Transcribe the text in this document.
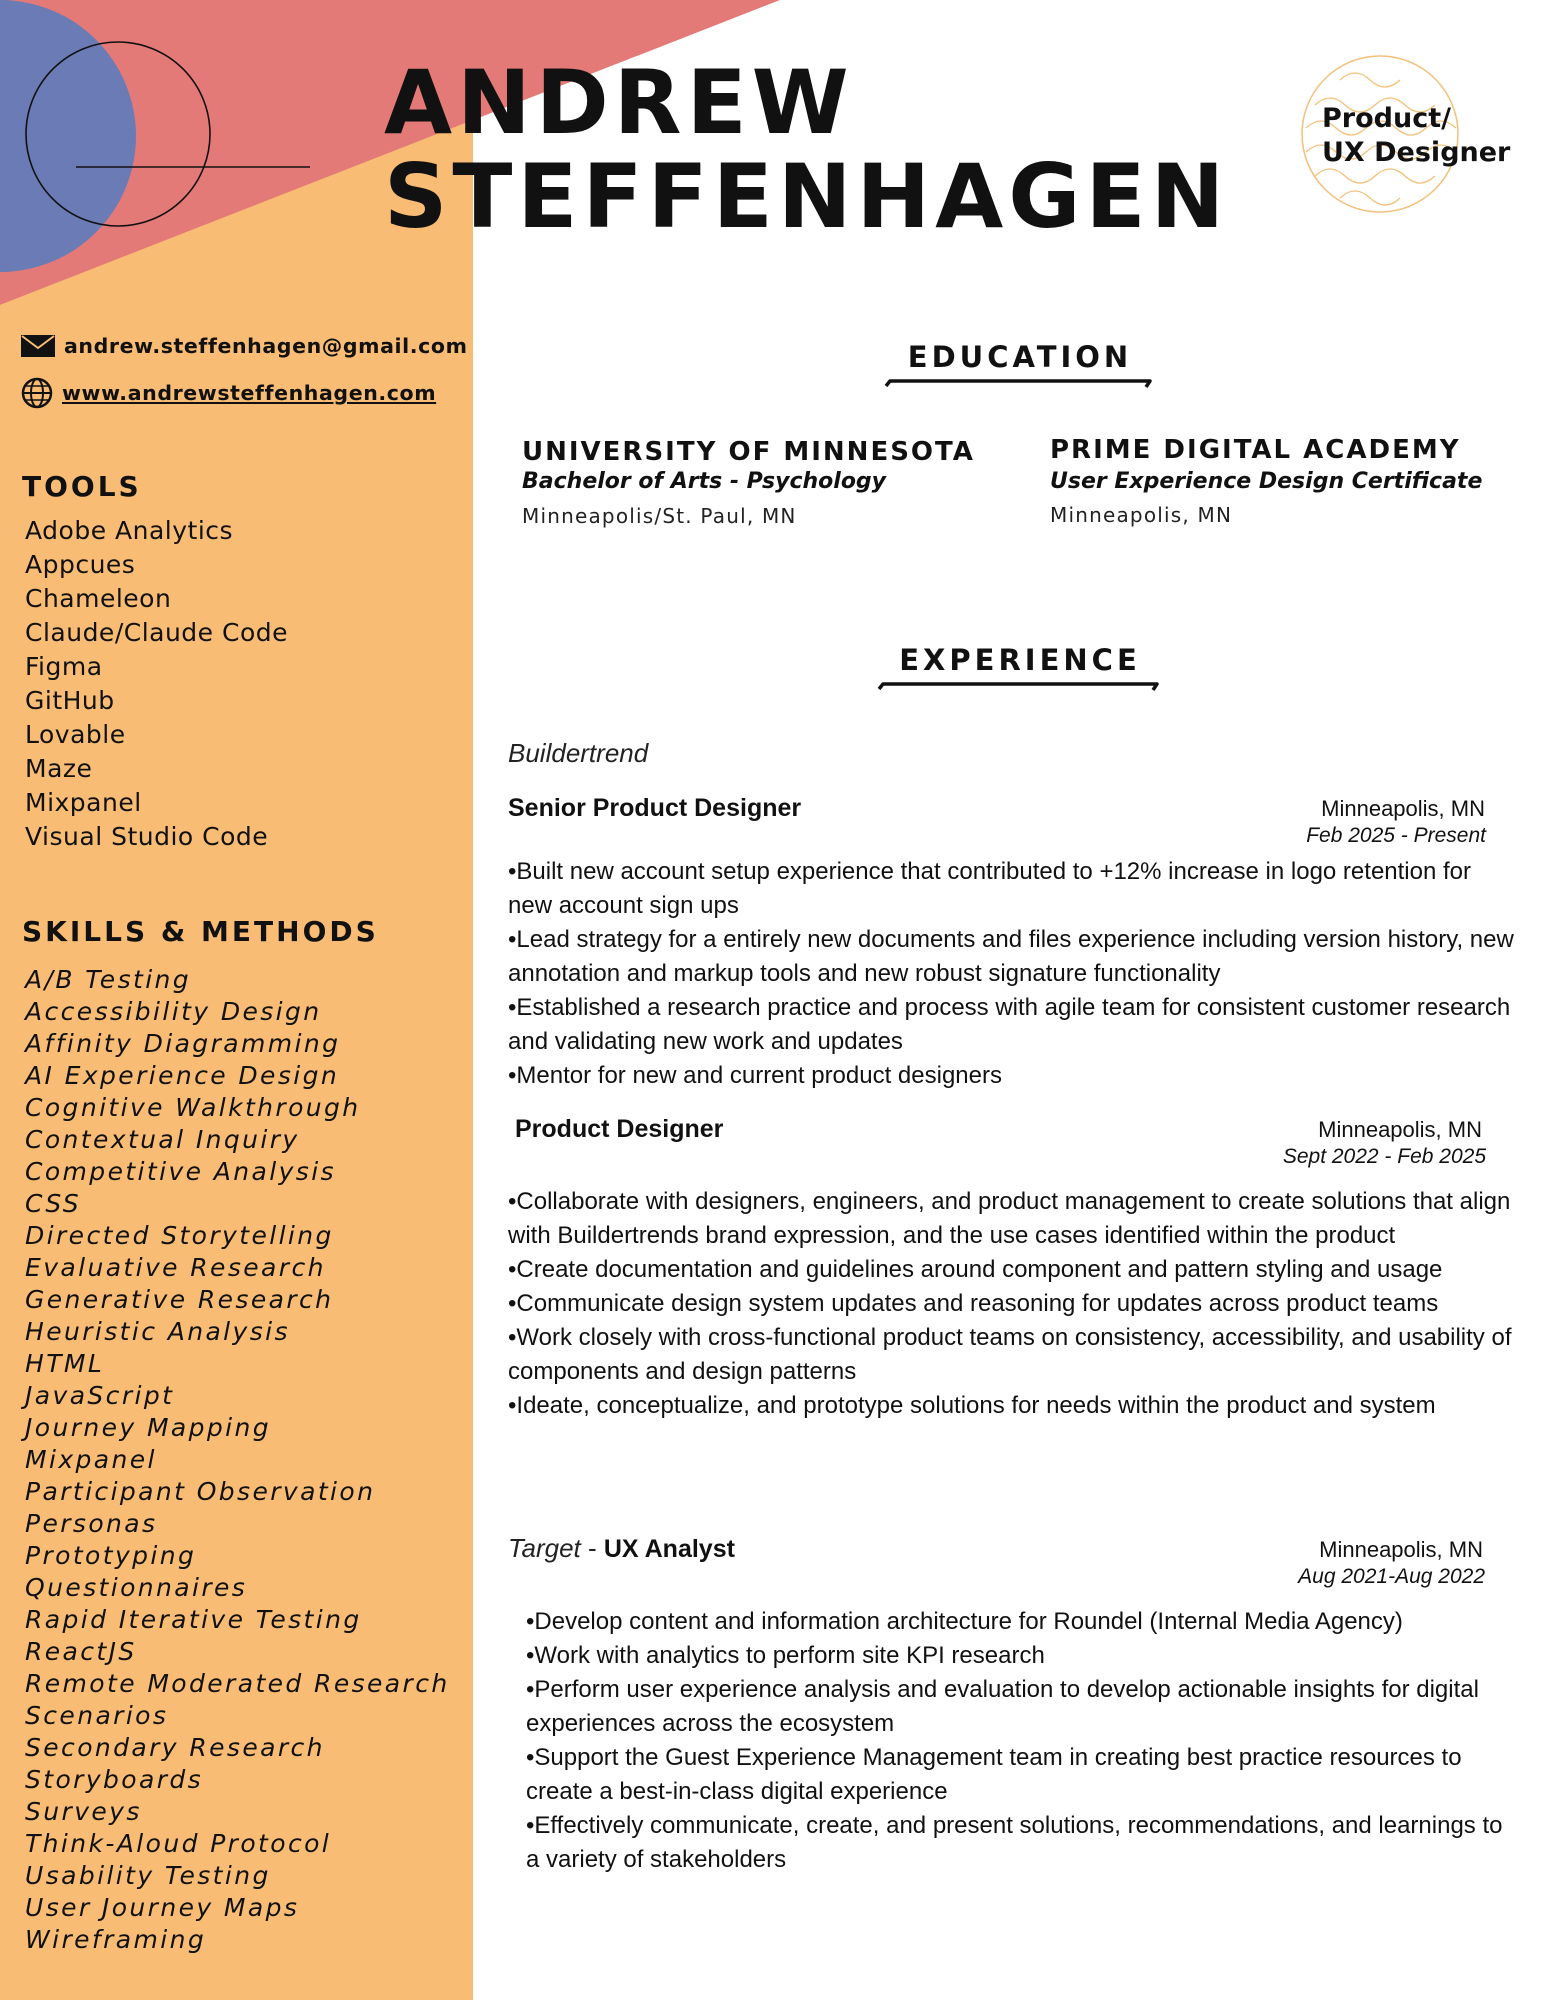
ANDREW
STEFFENHAGEN
Product/
UX Designer
andrew.steffenhagen@gmail.com
www.andrewsteffenhagen.com
TOOLS
Adobe Analytics
Appcues
Chameleon
Claude/Claude Code
Figma
GitHub
Lovable
Maze
Mixpanel
Visual Studio Code
SKILLS & METHODS
A/B Testing
Accessibility Design
Affinity Diagramming
AI Experience Design
Cognitive Walkthrough
Contextual Inquiry
Competitive Analysis
CSS
Directed Storytelling
Evaluative Research
Generative Research
Heuristic Analysis
HTML
JavaScript
Journey Mapping
Mixpanel
Participant Observation
Personas
Prototyping
Questionnaires
Rapid Iterative Testing
ReactJS
Remote Moderated Research
Scenarios
Secondary Research
Storyboards
Surveys
Think-Aloud Protocol
Usability Testing
User Journey Maps
Wireframing
EDUCATION
UNIVERSITY OF MINNESOTA
Bachelor of Arts - Psychology
Minneapolis/St. Paul, MN
PRIME DIGITAL ACADEMY
User Experience Design Certificate
Minneapolis, MN
EXPERIENCE
Buildertrend
Senior Product Designer	Minneapolis, MN
Feb 2025 - Present
• Built new account setup experience that contributed to +12% increase in logo retention for new account sign ups
• Lead strategy for a entirely new documents and files experience including version history, new annotation and markup tools and new robust signature functionality
• Established a research practice and process with agile team for consistent customer research and validating new work and updates
• Mentor for new and current product designers
Product Designer	Minneapolis, MN
Sept 2022 - Feb 2025
• Collaborate with designers, engineers, and product management to create solutions that align with Buildertrends brand expression, and the use cases identified within the product
• Create documentation and guidelines around component and pattern styling and usage
• Communicate design system updates and reasoning for updates across product teams
• Work closely with cross-functional product teams on consistency, accessibility, and usability of components and design patterns
• Ideate, conceptualize, and prototype solutions for needs within the product and system
Target - UX Analyst	Minneapolis, MN
Aug 2021-Aug 2022
• Develop content and information architecture for Roundel (Internal Media Agency)
• Work with analytics to perform site KPI research
• Perform user experience analysis and evaluation to develop actionable insights for digital experiences across the ecosystem
• Support the Guest Experience Management team in creating best practice resources to create a best-in-class digital experience
• Effectively communicate, create, and present solutions, recommendations, and learnings to a variety of stakeholders
